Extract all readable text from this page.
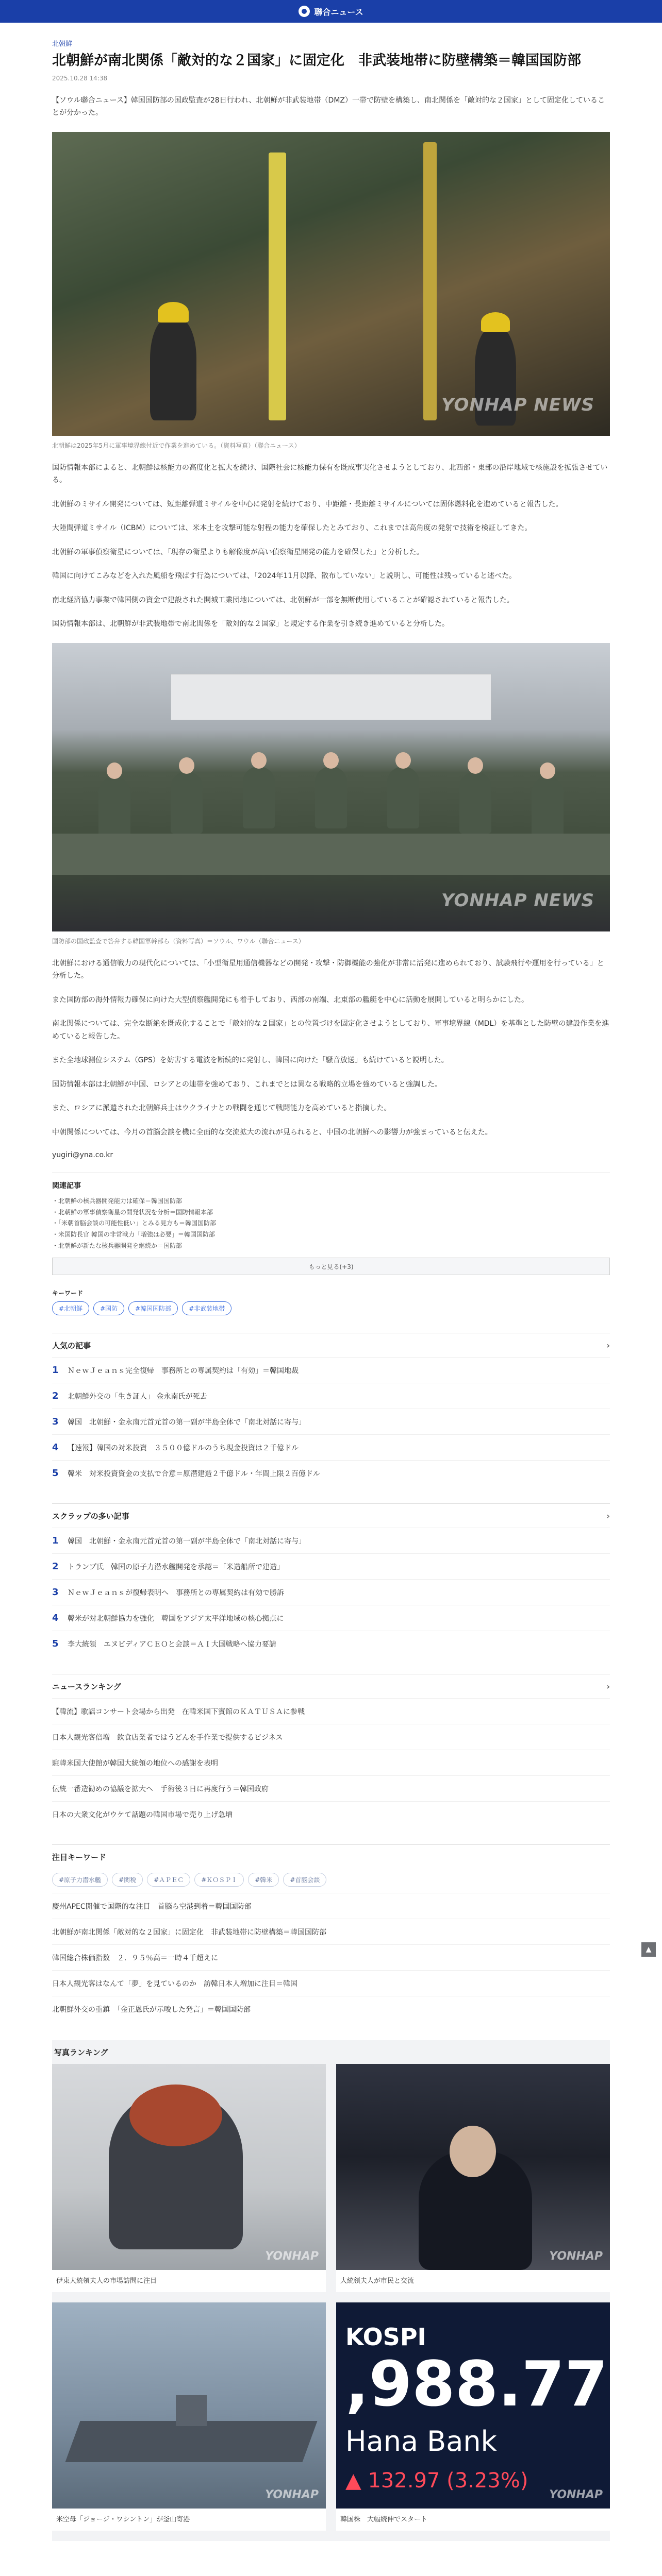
聯合ニュース
北朝鮮
北朝鮮が南北関係「敵対的な２国家」に固定化　非武装地帯に防壁構築＝韓国国防部
2025.10.28 14:38

【ソウル聯合ニュース】韓国国防部の国政監査が28日行われ、北朝鮮が非武装地帯（DMZ）一帯で防壁を構築し、南北関係を「敵対的な２国家」として固定化していることが分かった。

YONHAP NEWS
北朝鮮は2025年5月に軍事境界線付近で作業を進めている。（資料写真）（聯合ニュース）

国防情報本部によると、北朝鮮は核能力の高度化と拡大を続け、国際社会に核能力保有を既成事実化させようとしており、北西部・東部の沿岸地域で核施設を拡張させている。

北朝鮮のミサイル開発については、短距離弾道ミサイルを中心に発射を続けており、中距離・長距離ミサイルについては固体燃料化を進めていると報告した。

大陸間弾道ミサイル（ICBM）については、米本土を攻撃可能な射程の能力を確保したとみており、これまでは高角度の発射で技術を検証してきた。

北朝鮮の軍事偵察衛星については、「現存の衛星よりも解像度が高い偵察衛星開発の能力を確保した」と分析した。

韓国に向けてこみなどを入れた風船を飛ばす行為については、「2024年11月以降、散布していない」と説明し、可能性は残っていると述べた。

南北経済協力事業で韓国側の資金で建設された開城工業団地については、北朝鮮が一部を無断使用していることが確認されていると報告した。

国防情報本部は、北朝鮮が非武装地帯で南北関係を「敵対的な２国家」と規定する作業を引き続き進めていると分析した。

YONHAP NEWS
国防部の国政監査で答弁する韓国軍幹部ら（資料写真）＝ソウル、ワウル（聯合ニュース）

北朝鮮における通信戦力の現代化については、「小型衛星用通信機器などの開発・攻撃・防御機能の強化が非常に活発に進められており、試験飛行や運用を行っている」と分析した。

また国防部の海外情報力確保に向けた大型偵察艦開発にも着手しており、西部の南端、北東部の艦艇を中心に活動を展開していると明らかにした。

南北関係については、完全な断絶を既成化することで「敵対的な２国家」との位置づけを固定化させようとしており、軍事境界線（MDL）を基準とした防壁の建設作業を進めていると報告した。

また全地球測位システム（GPS）を妨害する電波を断続的に発射し、韓国に向けた「騒音放送」も続けていると説明した。

国防情報本部は北朝鮮が中国、ロシアとの連帯を強めており、これまでとは異なる戦略的立場を強めていると強調した。

また、ロシアに派遣された北朝鮮兵士はウクライナとの戦闘を通じて戦闘能力を高めていると指摘した。

中朝関係については、今月の首脳会談を機に全面的な交流拡大の流れが見られると、中国の北朝鮮への影響力が強まっていると伝えた。

yugiri@yna.co.kr
関連記事
・北朝鮮の核兵器開発能力は確保＝韓国国防部
・北朝鮮の軍事偵察衛星の開発状況を分析＝国防情報本部
・「米朝首脳会談の可能性低い」とみる見方も＝韓国国防部
・米国防長官 韓国の非常戦力「増強は必要」＝韓国国防部
・北朝鮮が新たな核兵器開発を継続か＝国防部
もっと見る(+3)
キーワード
#北朝鮮	#国防	#韓国国防部	#非武装地帯
人気の記事	›
1	ＮｅｗＪｅａｎｓ完全復帰　事務所との専属契約は「有効」＝韓国地裁
2	北朝鮮外交の「生き証人」 金永南氏が死去
3	韓国　北朝鮮・金永南元首元首の第一副が半島全体で「南北対話に寄与」
4	【速報】韓国の対米投資　３５００億ドルのうち現金投資は２千億ドル
5	韓米　対米投資資金の支払で合意＝原潜建造２千億ドル・年間上限２百億ドル
スクラップの多い記事	›
1	韓国　北朝鮮・金永南元首元首の第一副が半島全体で「南北対話に寄与」
2	トランプ氏　韓国の原子力潜水艦開発を承認＝「米造船所で建造」
3	ＮｅｗＪｅａｎｓが復帰表明へ　事務所との専属契約は有効で勝訴
4	韓米が対北朝鮮協力を強化　韓国をアジア太平洋地域の核心拠点に
5	李大統領　エヌビディアＣＥＯと会談＝ＡＩ大国戦略へ協力要請
ニュースランキング	›
【韓流】歌謡コンサート会場から出発　在韓米国下賓館のＫＡＴＵＳＡに参戦
日本人観光客倍増　飲食店業者ではうどんを手作業で提供するビジネス
駐韓米国大使館が韓国大統領の地位への感謝を表明
伝統一番造勧めの協議を拡大へ　手術後３日に再度行う＝韓国政府
日本の大衆文化がウケて話題の韓国市場で売り上げ急増
注目キーワード
#原子力潜水艦	#関税	#ＡＰＥＣ	#ＫＯＳＰＩ	#韓米	#首脳会談
慶州APEC開催で国際的な注目　首脳ら空港到着＝韓国国防部
北朝鮮が南北関係「敵対的な２国家」に固定化　非武装地帯に防壁構築＝韓国国防部
韓国総合株価指数　２．９５％高＝一時４千超えに
日本人観光客はなんて「夢」を見ているのか　訪韓日本人増加に注目＝韓国
北朝鮮外交の重鎮　「金正恩氏が示唆した発言」＝韓国国防部
写真ランキング
YONHAP
伊東大統領夫人の市場訪問に注目
YONHAP
大統領夫人が市民と交流
YONHAP
米空母「ジョージ・ワシントン」が釜山寄港
KOSPI
,988.77
Hana Bank
▲ 132.97 (3.23%)
YONHAP
韓国株　大幅続伸でスタート
▲
